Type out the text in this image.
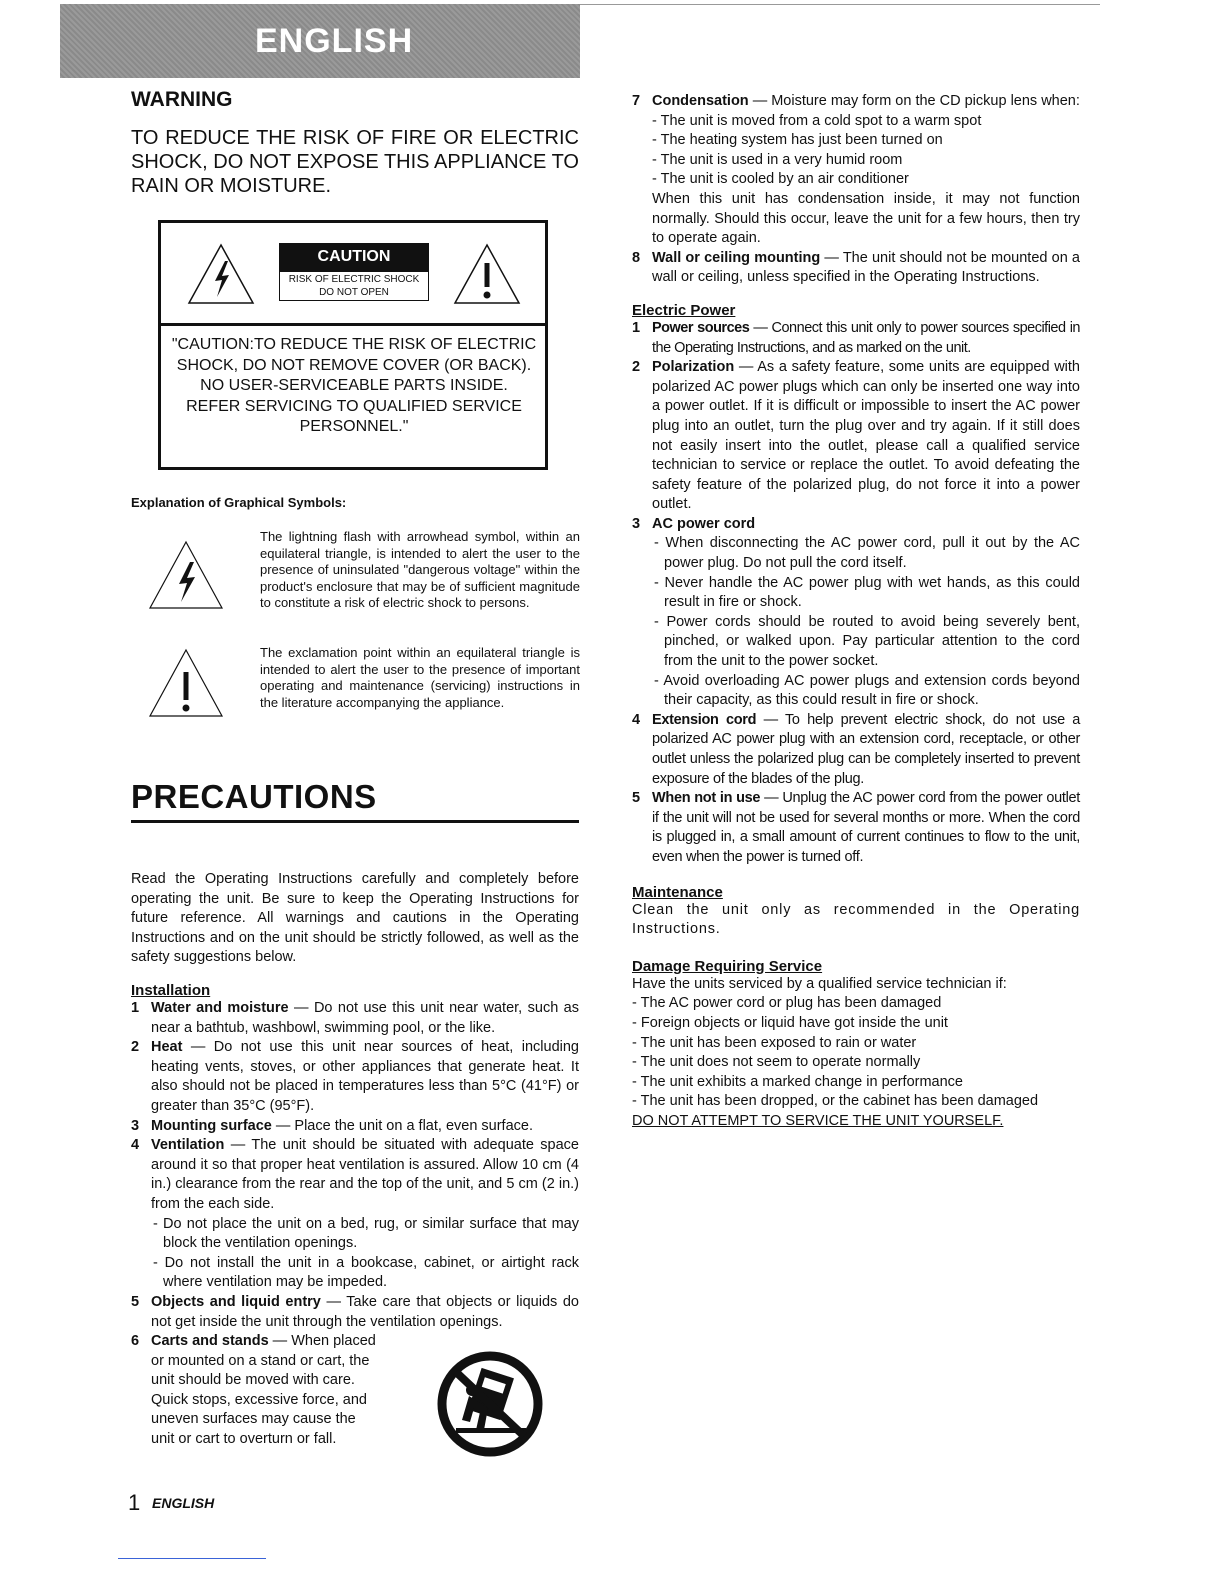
ENGLISH
WARNING

TO REDUCE THE RISK OF FIRE OR ELECTRIC SHOCK, DO NOT EXPOSE THIS APPLIANCE TO RAIN OR MOISTURE.

CAUTION
RISK OF ELECTRIC SHOCK
DO NOT OPEN

"CAUTION:TO REDUCE THE RISK OF ELECTRIC SHOCK, DO NOT REMOVE COVER (OR BACK). NO USER-SERVICEABLE PARTS INSIDE. REFER SERVICING TO QUALIFIED SERVICE PERSONNEL."

Explanation of Graphical Symbols:
The lightning flash with arrowhead symbol, within an equilateral triangle, is intended to alert the user to the presence of uninsulated "dangerous voltage" within the product's enclosure that may be of sufficient magnitude to constitute a risk of electric shock to persons.
The exclamation point within an equilateral triangle is intended to alert the user to the presence of important operating and maintenance (servicing) instructions in the literature accompanying the appliance.
PRECAUTIONS
Read the Operating Instructions carefully and completely before operating the unit. Be sure to keep the Operating Instructions for future reference. All warnings and cautions in the Operating Instructions and on the unit should be strictly followed, as well as the safety suggestions below.
Installation
1 Water and moisture — Do not use this unit near water, such as near a bathtub, washbowl, swimming pool, or the like.
2 Heat — Do not use this unit near sources of heat, including heating vents, stoves, or other appliances that generate heat. It also should not be placed in temperatures less than 5°C (41°F) or greater than 35°C (95°F).
3 Mounting surface — Place the unit on a flat, even surface.
4 Ventilation — The unit should be situated with adequate space around it so that proper heat ventilation is assured. Allow 10 cm (4 in.) clearance from the rear and the top of the unit, and 5 cm (2 in.) from the each side.
- Do not place the unit on a bed, rug, or similar surface that may block the ventilation openings.
- Do not install the unit in a bookcase, cabinet, or airtight rack where ventilation may be impeded.
5 Objects and liquid entry — Take care that objects or liquids do not get inside the unit through the ventilation openings.
6 Carts and stands — When placed or mounted on a stand or cart, the unit should be moved with care.
Quick stops, excessive force, and uneven surfaces may cause the unit or cart to overturn or fall.
7 Condensation — Moisture may form on the CD pickup lens when:
- The unit is moved from a cold spot to a warm spot
- The heating system has just been turned on
- The unit is used in a very humid room
- The unit is cooled by an air conditioner
When this unit has condensation inside, it may not function normally. Should this occur, leave the unit for a few hours, then try to operate again.
8 Wall or ceiling mounting — The unit should not be mounted on a wall or ceiling, unless specified in the Operating Instructions.
Electric Power
1 Power sources — Connect this unit only to power sources specified in the Operating Instructions, and as marked on the unit.
2 Polarization — As a safety feature, some units are equipped with polarized AC power plugs which can only be inserted one way into a power outlet. If it is difficult or impossible to insert the AC power plug into an outlet, turn the plug over and try again. If it still does not easily insert into the outlet, please call a qualified service technician to service or replace the outlet. To avoid defeating the safety feature of the polarized plug, do not force it into a power outlet.
3 AC power cord
- When disconnecting the AC power cord, pull it out by the AC power plug. Do not pull the cord itself.
- Never handle the AC power plug with wet hands, as this could result in fire or shock.
- Power cords should be routed to avoid being severely bent, pinched, or walked upon. Pay particular attention to the cord from the unit to the power socket.
- Avoid overloading AC power plugs and extension cords beyond their capacity, as this could result in fire or shock.
4 Extension cord — To help prevent electric shock, do not use a polarized AC power plug with an extension cord, receptacle, or other outlet unless the polarized plug can be completely inserted to prevent exposure of the blades of the plug.
5 When not in use — Unplug the AC power cord from the power outlet if the unit will not be used for several months or more. When the cord is plugged in, a small amount of current continues to flow to the unit, even when the power is turned off.
Maintenance
Clean the unit only as recommended in the Operating Instructions.
Damage Requiring Service
Have the units serviced by a qualified service technician if:
- The AC power cord or plug has been damaged
- Foreign objects or liquid have got inside the unit
- The unit has been exposed to rain or water
- The unit does not seem to operate normally
- The unit exhibits a marked change in performance
- The unit has been dropped, or the cabinet has been damaged
DO NOT ATTEMPT TO SERVICE THE UNIT YOURSELF.
1 ENGLISH
